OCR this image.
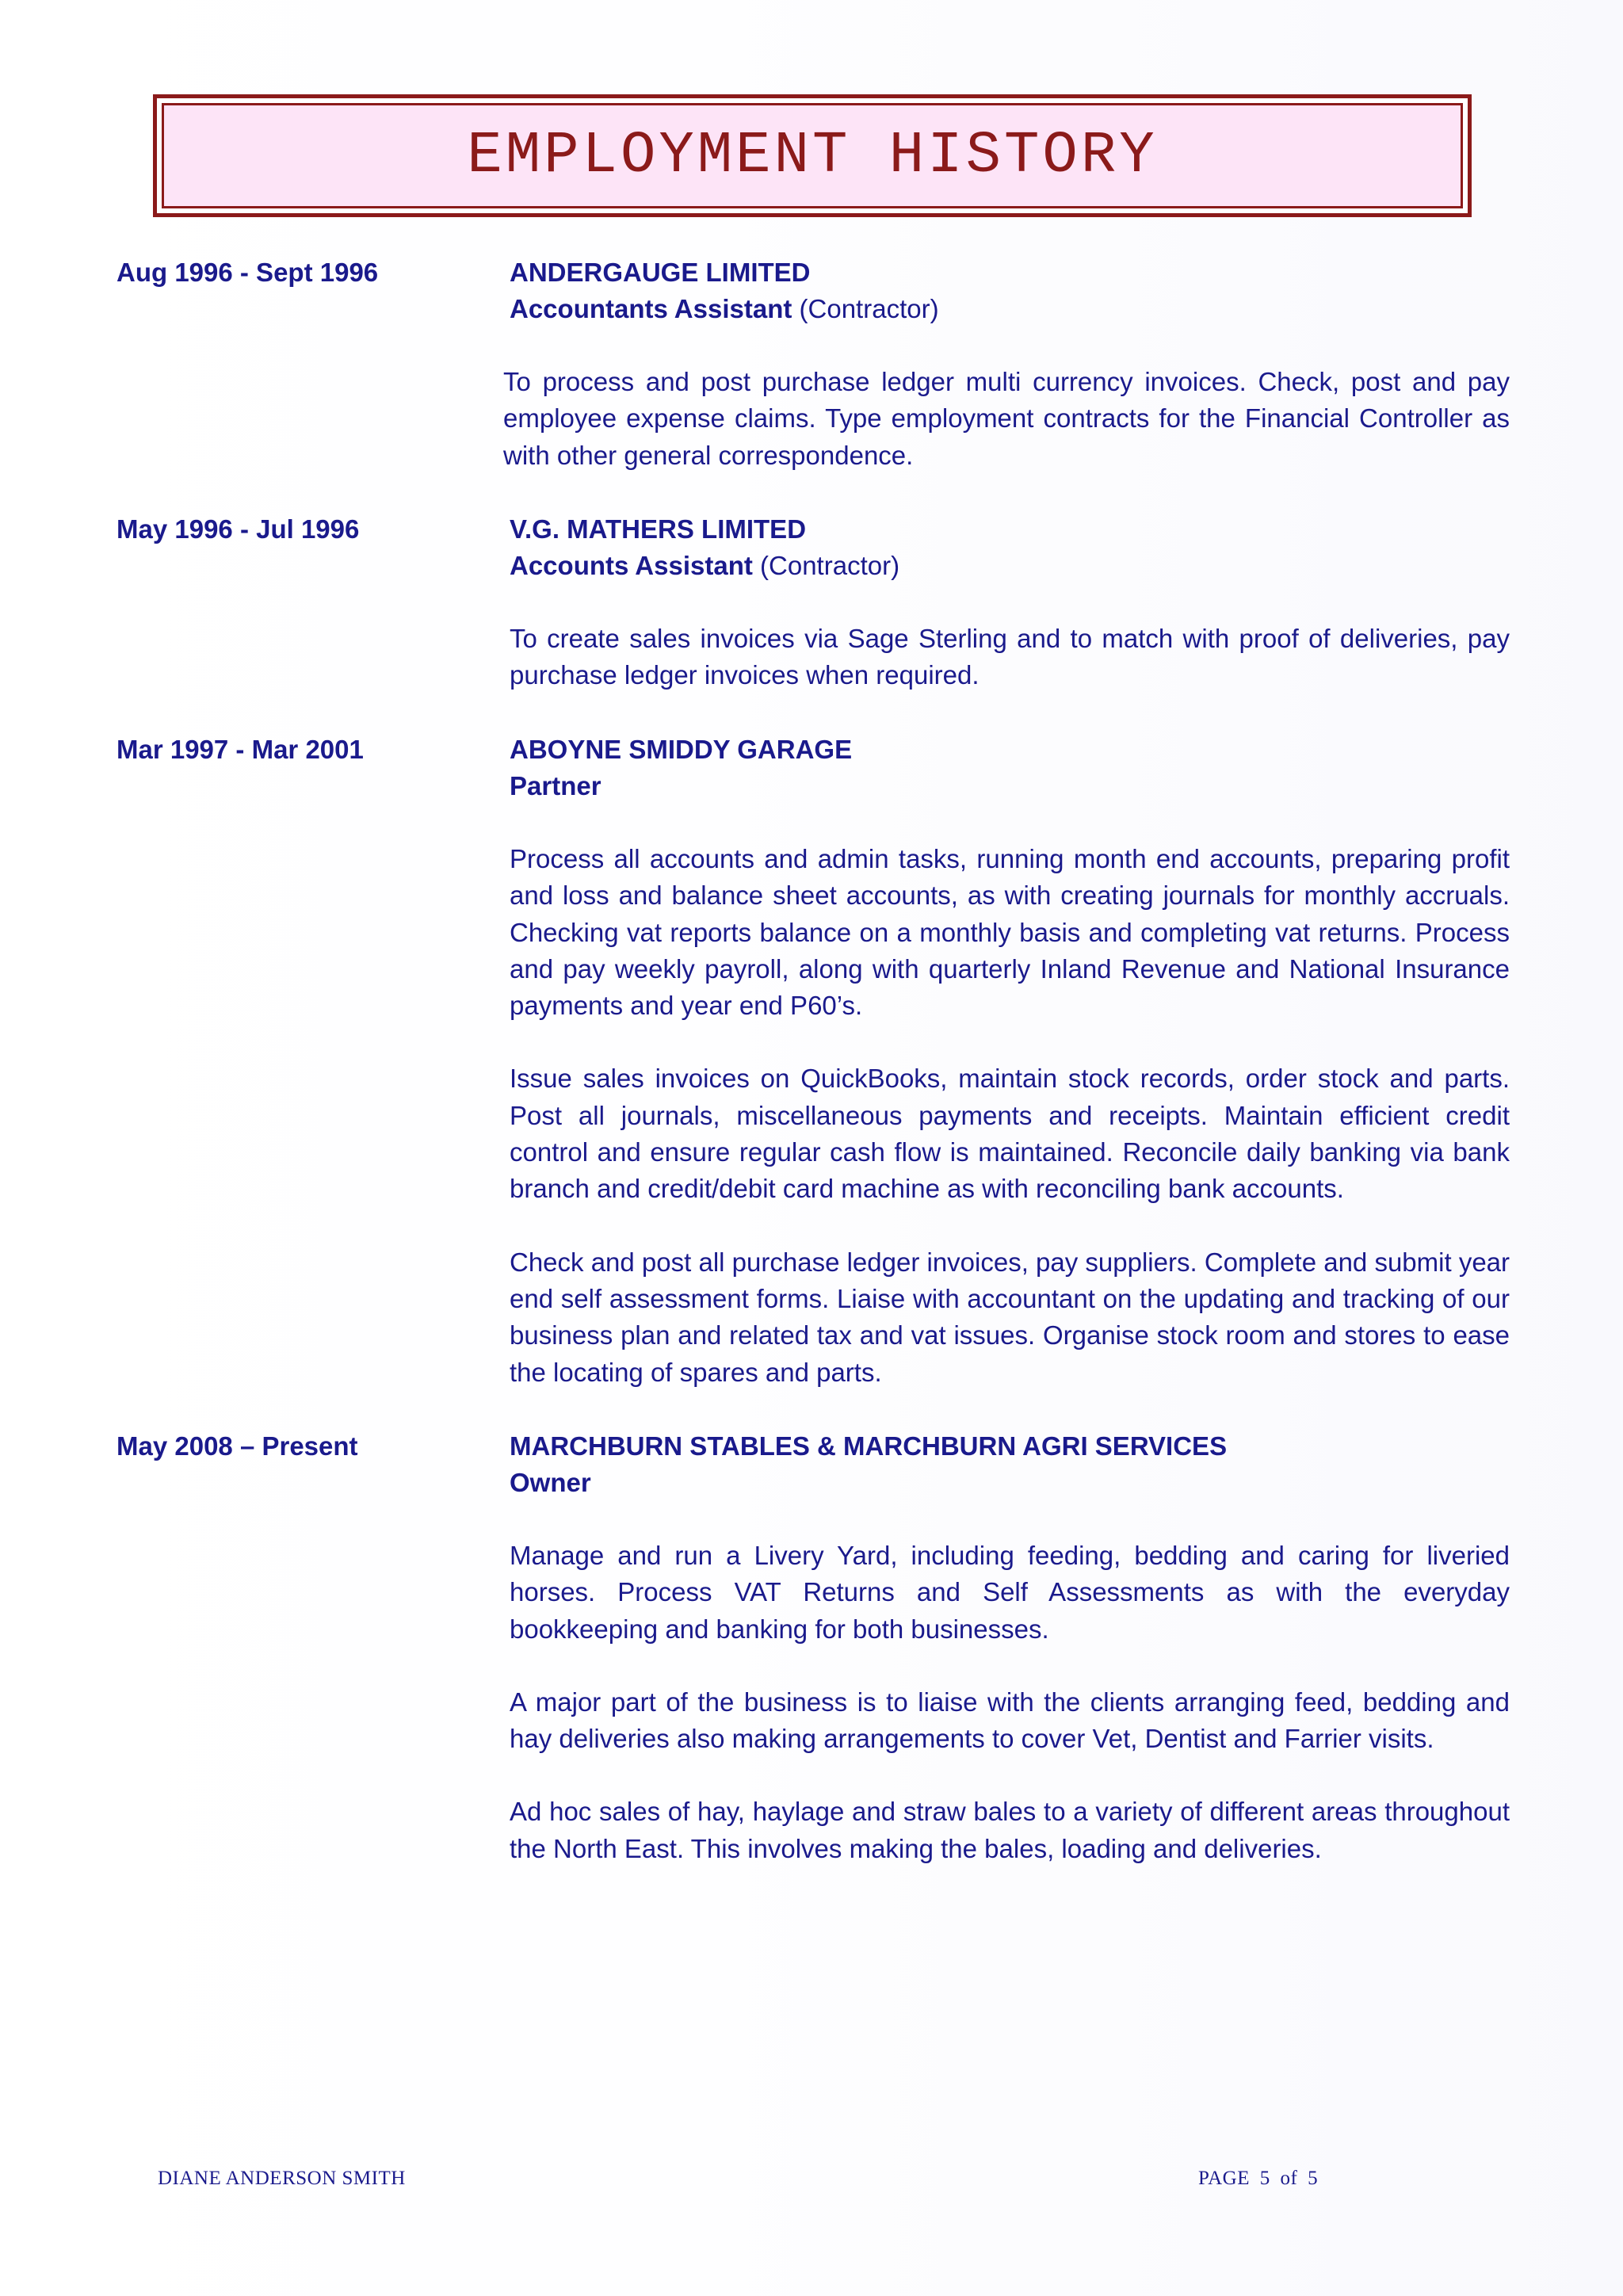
EMPLOYMENT HISTORY
Aug 1996 - Sept 1996	ANDERGAUGE LIMITED
Accountants Assistant (Contractor)
To process and post purchase ledger multi currency invoices. Check, post and pay employee expense claims. Type employment contracts for the Financial Controller as with other general correspondence.
May 1996 - Jul 1996	V.G. MATHERS LIMITED
Accounts Assistant (Contractor)
To create sales invoices via Sage Sterling and to match with proof of deliveries, pay purchase ledger invoices when required.
Mar 1997 - Mar 2001	ABOYNE SMIDDY GARAGE
Partner
Process all accounts and admin tasks, running month end accounts, preparing profit and loss and balance sheet accounts, as with creating journals for monthly accruals. Checking vat reports balance on a monthly basis and completing vat returns. Process and pay weekly payroll, along with quarterly Inland Revenue and National Insurance payments and year end P60’s.
Issue sales invoices on QuickBooks, maintain stock records, order stock and parts. Post all journals, miscellaneous payments and receipts. Maintain efficient credit control and ensure regular cash flow is maintained. Reconcile daily banking via bank branch and credit/debit card machine as with reconciling bank accounts.
Check and post all purchase ledger invoices, pay suppliers. Complete and submit year end self assessment forms. Liaise with accountant on the updating and tracking of our business plan and related tax and vat issues. Organise stock room and stores to ease the locating of spares and parts.
May 2008 – Present	MARCHBURN STABLES & MARCHBURN AGRI SERVICES
Owner
Manage and run a Livery Yard, including feeding, bedding and caring for liveried horses. Process VAT Returns and Self Assessments as with the everyday bookkeeping and banking for both businesses.
A major part of the business is to liaise with the clients arranging feed, bedding and hay deliveries also making arrangements to cover Vet, Dentist and Farrier visits.
Ad hoc sales of hay, haylage and straw bales to a variety of different areas throughout the North East. This involves making the bales, loading and deliveries.
DIANE ANDERSON SMITH	PAGE 5 of 5
